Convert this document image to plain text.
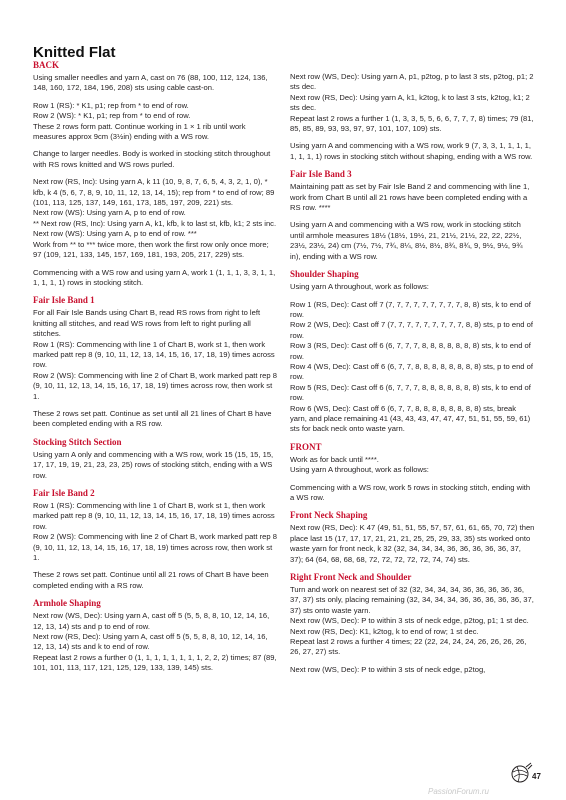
Knitted Flat
BACK
Using smaller needles and yarn A, cast on 76 (88, 100, 112, 124, 136, 148, 160, 172, 184, 196, 208) sts using cable cast-on.
Row 1 (RS): * K1, p1; rep from * to end of row.
Row 2 (WS): * K1, p1; rep from * to end of row.
These 2 rows form patt. Continue working in 1 × 1 rib until work measures approx 9cm (3½in) ending with a WS row.
Change to larger needles. Body is worked in stocking stitch throughout with RS rows knitted and WS rows purled.
Next row (RS, Inc): Using yarn A, k 11 (10, 9, 8, 7, 6, 5, 4, 3, 2, 1, 0), * kfb, k 4 (5, 6, 7, 8, 9, 10, 11, 12, 13, 14, 15); rep from * to end of row; 89 (101, 113, 125, 137, 149, 161, 173, 185, 197, 209, 221) sts.
Next row (WS): Using yarn A, p to end of row.
** Next row (RS, Inc): Using yarn A, k1, kfb, k to last st, kfb, k1; 2 sts inc.
Next row (WS): Using yarn A, p to end of row. ***
Work from ** to *** twice more, then work the first row only once more; 97 (109, 121, 133, 145, 157, 169, 181, 193, 205, 217, 229) sts.
Commencing with a WS row and using yarn A, work 1 (1, 1, 1, 3, 3, 1, 1, 1, 1, 1, 1) rows in stocking stitch.
Fair Isle Band 1
For all Fair Isle Bands using Chart B, read RS rows from right to left knitting all stitches, and read WS rows from left to right purling all stitches.
Row 1 (RS): Commencing with line 1 of Chart B, work st 1, then work marked patt rep 8 (9, 10, 11, 12, 13, 14, 15, 16, 17, 18, 19) times across row.
Row 2 (WS): Commencing with line 2 of Chart B, work marked patt rep 8 (9, 10, 11, 12, 13, 14, 15, 16, 17, 18, 19) times across row, then work st 1.
These 2 rows set patt. Continue as set until all 21 lines of Chart B have been completed ending with a RS row.
Stocking Stitch Section
Using yarn A only and commencing with a WS row, work 15 (15, 15, 15, 17, 17, 19, 19, 21, 23, 23, 25) rows of stocking stitch, ending with a WS row.
Fair Isle Band 2
Row 1 (RS): Commencing with line 1 of Chart B, work st 1, then work marked patt rep 8 (9, 10, 11, 12, 13, 14, 15, 16, 17, 18, 19) times across row.
Row 2 (WS): Commencing with line 2 of Chart B, work marked patt rep 8 (9, 10, 11, 12, 13, 14, 15, 16, 17, 18, 19) times across row, then work st 1.
These 2 rows set patt. Continue until all 21 rows of Chart B have been completed ending with a RS row.
Armhole Shaping
Next row (WS, Dec): Using yarn A, cast off 5 (5, 5, 8, 8, 10, 12, 14, 16, 12, 13, 14) sts and p to end of row.
Next row (RS, Dec): Using yarn A, cast off 5 (5, 5, 8, 8, 10, 12, 14, 16, 12, 13, 14) sts and k to end of row.
Repeat last 2 rows a further 0 (1, 1, 1, 1, 1, 1, 1, 1, 2, 2, 2) times; 87 (89, 101, 101, 113, 117, 121, 125, 129, 133, 139, 145) sts.
Next row (WS, Dec): Using yarn A, p1, p2tog, p to last 3 sts, p2tog, p1; 2 sts dec.
Next row (RS, Dec): Using yarn A, k1, k2tog, k to last 3 sts, k2tog, k1; 2 sts dec.
Repeat last 2 rows a further 1 (1, 3, 3, 5, 5, 6, 6, 7, 7, 7, 8) times; 79 (81, 85, 85, 89, 93, 93, 97, 97, 101, 107, 109) sts.
Using yarn A and commencing with a WS row, work 9 (7, 3, 3, 1, 1, 1, 1, 1, 1, 1, 1) rows in stocking stitch without shaping, ending with a WS row.
Fair Isle Band 3
Maintaining patt as set by Fair Isle Band 2 and commencing with line 1, work from Chart B until all 21 rows have been completed ending with a RS row. ****
Using yarn A and commencing with a WS row, work in stocking stitch until armhole measures 18½ (18½, 19½, 21, 21½, 21½, 22, 22, 22½, 23½, 23½, 24) cm (7½, 7½, 7¾, 8¼, 8½, 8½, 8¾, 8¾, 9, 9½, 9½, 9¾ in), ending with a WS row.
Shoulder Shaping
Using yarn A throughout, work as follows:
Row 1 (RS, Dec): Cast off 7 (7, 7, 7, 7, 7, 7, 7, 7, 7, 8, 8) sts, k to end of row.
Row 2 (WS, Dec): Cast off 7 (7, 7, 7, 7, 7, 7, 7, 7, 7, 8, 8) sts, p to end of row.
Row 3 (RS, Dec): Cast off 6 (6, 7, 7, 7, 8, 8, 8, 8, 8, 8, 8) sts, k to end of row.
Row 4 (WS, Dec): Cast off 6 (6, 7, 7, 8, 8, 8, 8, 8, 8, 8, 8) sts, p to end of row.
Row 5 (RS, Dec): Cast off 6 (6, 7, 7, 7, 8, 8, 8, 8, 8, 8, 8) sts, k to end of row.
Row 6 (WS, Dec): Cast off 6 (6, 7, 7, 8, 8, 8, 8, 8, 8, 8, 8) sts, break yarn, and place remaining 41 (43, 43, 43, 47, 47, 47, 51, 51, 55, 59, 61) sts for back neck onto waste yarn.
FRONT
Work as for back until ****.
Using yarn A throughout, work as follows:
Commencing with a WS row, work 5 rows in stocking stitch, ending with a WS row.
Front Neck Shaping
Next row (RS, Dec): K 47 (49, 51, 51, 55, 57, 57, 61, 61, 65, 70, 72) then place last 15 (17, 17, 17, 21, 21, 21, 25, 25, 29, 33, 35) sts worked onto waste yarn for front neck, k 32 (32, 34, 34, 34, 36, 36, 36, 36, 36, 37, 37); 64 (64, 68, 68, 68, 72, 72, 72, 72, 72, 74, 74) sts.
Right Front Neck and Shoulder
Turn and work on nearest set of 32 (32, 34, 34, 34, 36, 36, 36, 36, 36, 37, 37) sts only, placing remaining (32, 34, 34, 34, 36, 36, 36, 36, 36, 37, 37) sts onto waste yarn.
Next row (WS, Dec): P to within 3 sts of neck edge, p2tog, p1; 1 st dec.
Next row (RS, Dec): K1, k2tog, k to end of row; 1 st dec.
Repeat last 2 rows a further 4 times; 22 (22, 24, 24, 24, 26, 26, 26, 26, 26, 27, 27) sts.
Next row (WS, Dec): P to within 3 sts of neck edge, p2tog,
47
PassionForum.ru
